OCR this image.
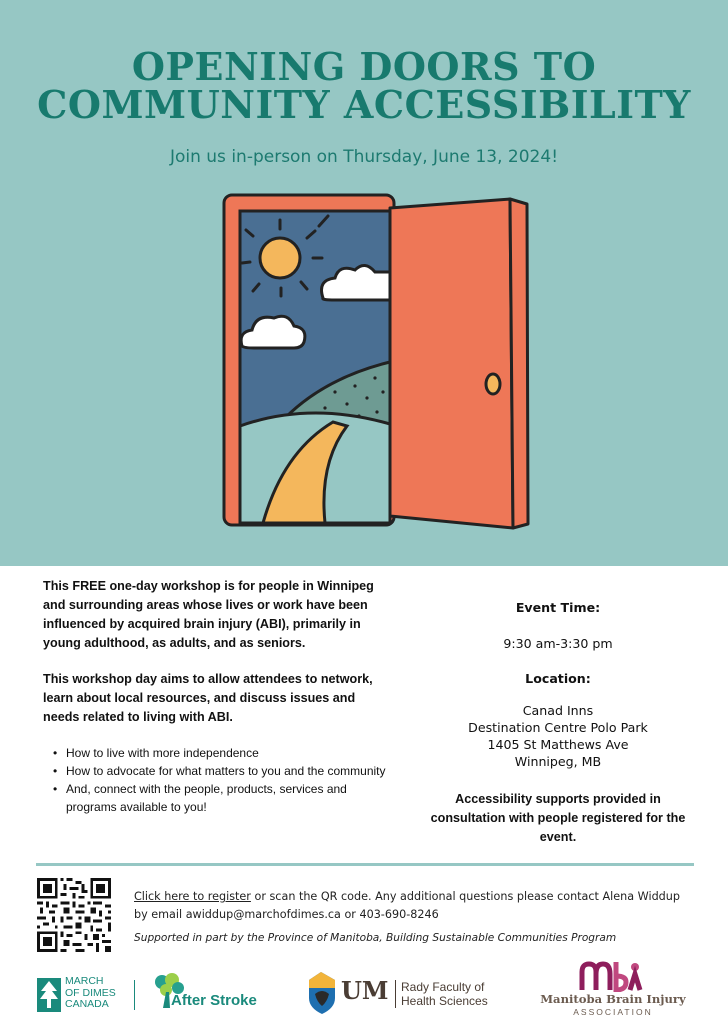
OPENING DOORS TO
COMMUNITY ACCESSIBILITY
Join us in-person on Thursday, June 13, 2024!

This FREE one-day workshop is for people in Winnipeg and surrounding areas whose lives or work have been influenced by acquired brain injury (ABI), primarily in young adulthood, as adults, and as seniors.

This workshop day aims to allow attendees to network, learn about local resources, and discuss issues and needs related to living with ABI.

• How to live with more independence
• How to advocate for what matters to you and the community
• And, connect with the people, products, services and programs available to you!

Event Time:

9:30 am-3:30 pm

Location:

Canad Inns

Destination Centre Polo Park

1405 St Matthews Ave

Winnipeg, MB

Accessibility supports provided in consultation with people registered for the event.

Click here to register or scan the QR code. Any additional questions please contact Alena Widdup by email awiddup@marchofdimes.ca or 403-690-8246
Supported in part by the Province of Manitoba, Building Sustainable Communities Program
MARCH
OF DIMES
CANADA	After Stroke	UM Rady Faculty of
Health Sciences	Manitoba Brain Injury
ASSOCIATION
